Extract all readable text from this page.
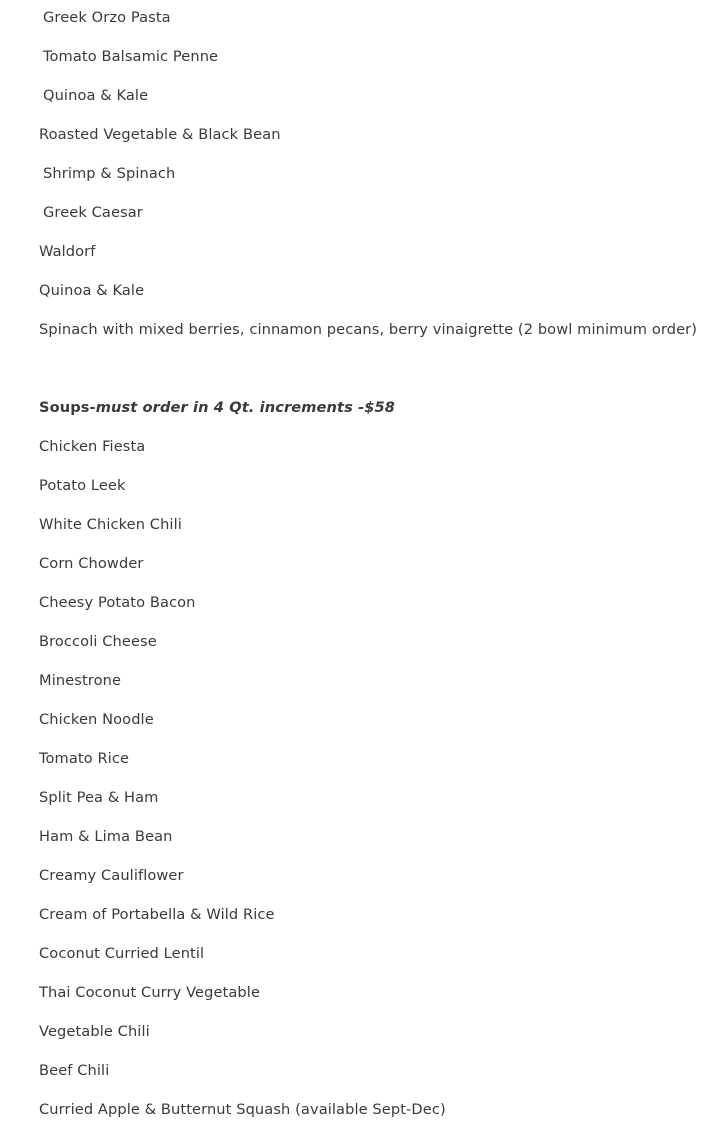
Greek Orzo Pasta
Tomato Balsamic Penne
Quinoa & Kale
Roasted Vegetable & Black Bean
Shrimp & Spinach
Greek Caesar
Waldorf
Quinoa & Kale
Spinach with mixed berries, cinnamon pecans, berry vinaigrette (2 bowl minimum order)
Soups-must order in 4 Qt. increments -$58
Chicken Fiesta
Potato Leek
White Chicken Chili
Corn Chowder
Cheesy Potato Bacon
Broccoli Cheese
Minestrone
Chicken Noodle
Tomato Rice
Split Pea & Ham
Ham & Lima Bean
Creamy Cauliflower
Cream of Portabella & Wild Rice
Coconut Curried Lentil
Thai Coconut Curry Vegetable
Vegetable Chili
Beef Chili
Curried Apple & Butternut Squash (available Sept-Dec)
